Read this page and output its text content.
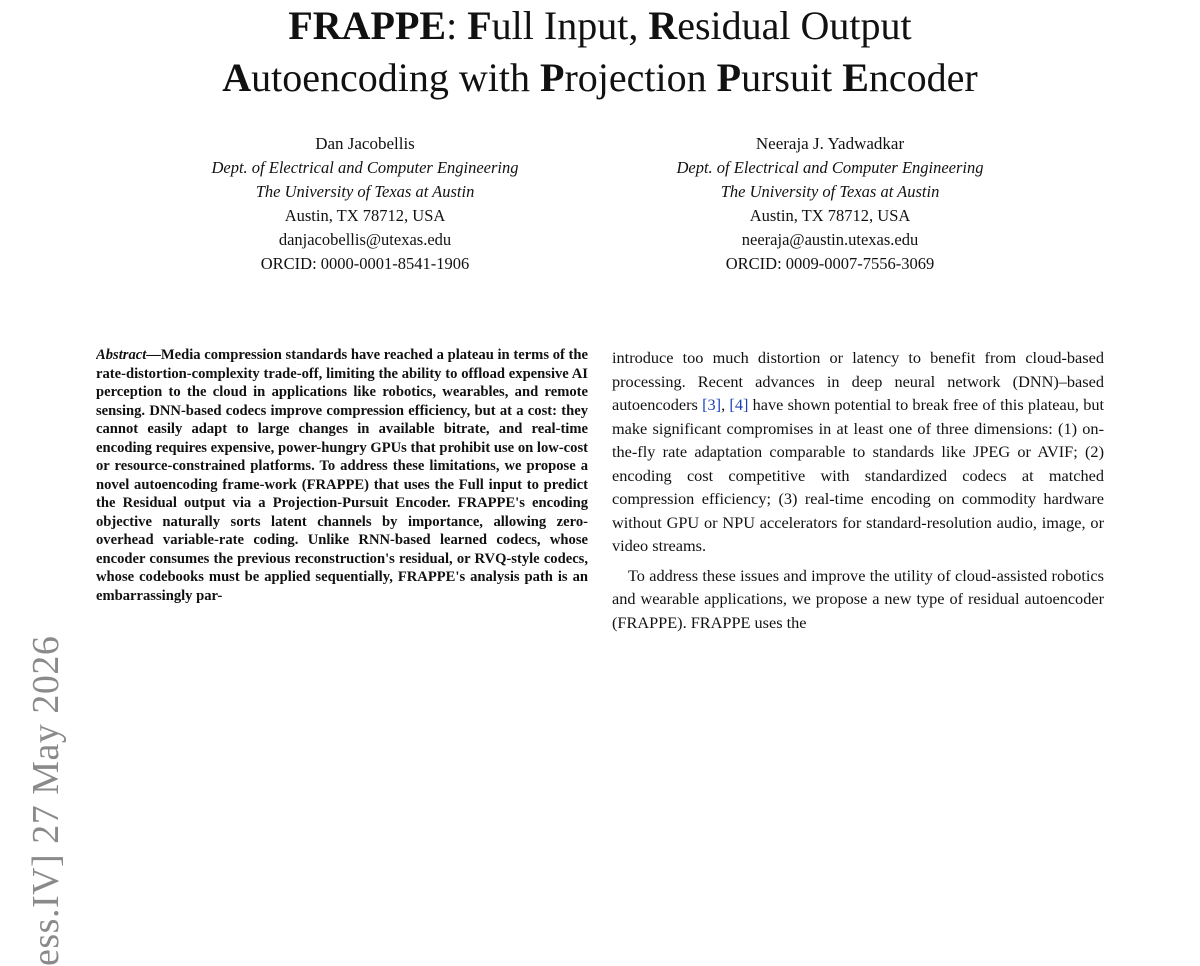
ess.IV] 27 May 2026
FRAPPE: Full Input, Residual Output
Autoencoding with Projection Pursuit Encoder
Dan Jacobellis
Dept. of Electrical and Computer Engineering
The University of Texas at Austin
Austin, TX 78712, USA
danjacobellis@utexas.edu
ORCID: 0000-0001-8541-1906
Neeraja J. Yadwadkar
Dept. of Electrical and Computer Engineering
The University of Texas at Austin
Austin, TX 78712, USA
neeraja@austin.utexas.edu
ORCID: 0009-0007-7556-3069
Abstract—Media compression standards have reached a plateau in terms of the rate-distortion-complexity trade-off, limiting the ability to offload expensive AI perception to the cloud in applications like robotics, wearables, and remote sensing. DNN-based codecs improve compression efficiency, but at a cost: they cannot easily adapt to large changes in available bitrate, and real-time encoding requires expensive, power-hungry GPUs that prohibit use on low-cost or resource-constrained platforms. To address these limitations, we propose a novel autoencoding frame-work (FRAPPE) that uses the Full input to predict the Residual output via a Projection-Pursuit Encoder. FRAPPE's encoding objective naturally sorts latent channels by importance, allowing zero-overhead variable-rate coding. Unlike RNN-based learned codecs, whose encoder consumes the previous reconstruction's residual, or RVQ-style codecs, whose codebooks must be applied sequentially, FRAPPE's analysis path is an embarrassingly par-

introduce too much distortion or latency to benefit from cloud-based processing. Recent advances in deep neural network (DNN)–based autoencoders [3], [4] have shown potential to break free of this plateau, but make significant compromises in at least one of three dimensions: (1) on-the-fly rate adaptation comparable to standards like JPEG or AVIF; (2) encoding cost competitive with standardized codecs at matched compression efficiency; (3) real-time encoding on commodity hardware without GPU or NPU accelerators for standard-resolution audio, image, or video streams.

To address these issues and improve the utility of cloud-assisted robotics and wearable applications, we propose a new type of residual autoencoder (FRAPPE). FRAPPE uses the
